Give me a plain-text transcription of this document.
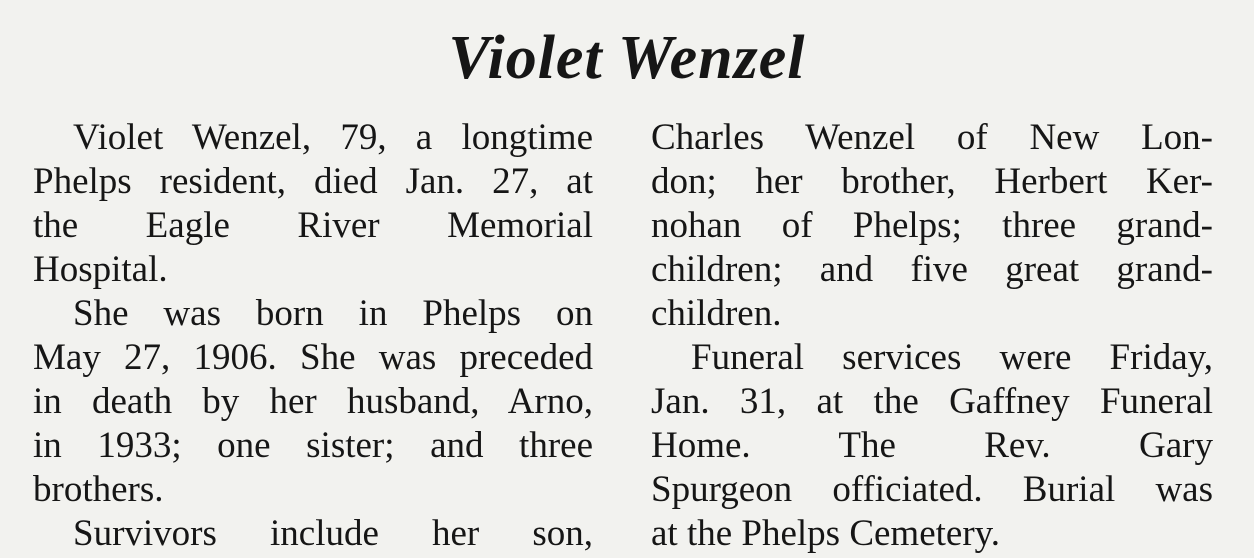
Violet Wenzel
Violet Wenzel, 79, a longtime
Phelps resident, died Jan. 27, at
the Eagle River Memorial
Hospital.
She was born in Phelps on
May 27, 1906. She was preceded
in death by her husband, Arno,
in 1933; one sister; and three
brothers.
Survivors include her son,
Charles Wenzel of New Lon-
don; her brother, Herbert Ker-
nohan of Phelps; three grand-
children; and five great grand-
children.
Funeral services were Friday,
Jan. 31, at the Gaffney Funeral
Home. The Rev. Gary
Spurgeon officiated. Burial was
at the Phelps Cemetery.
